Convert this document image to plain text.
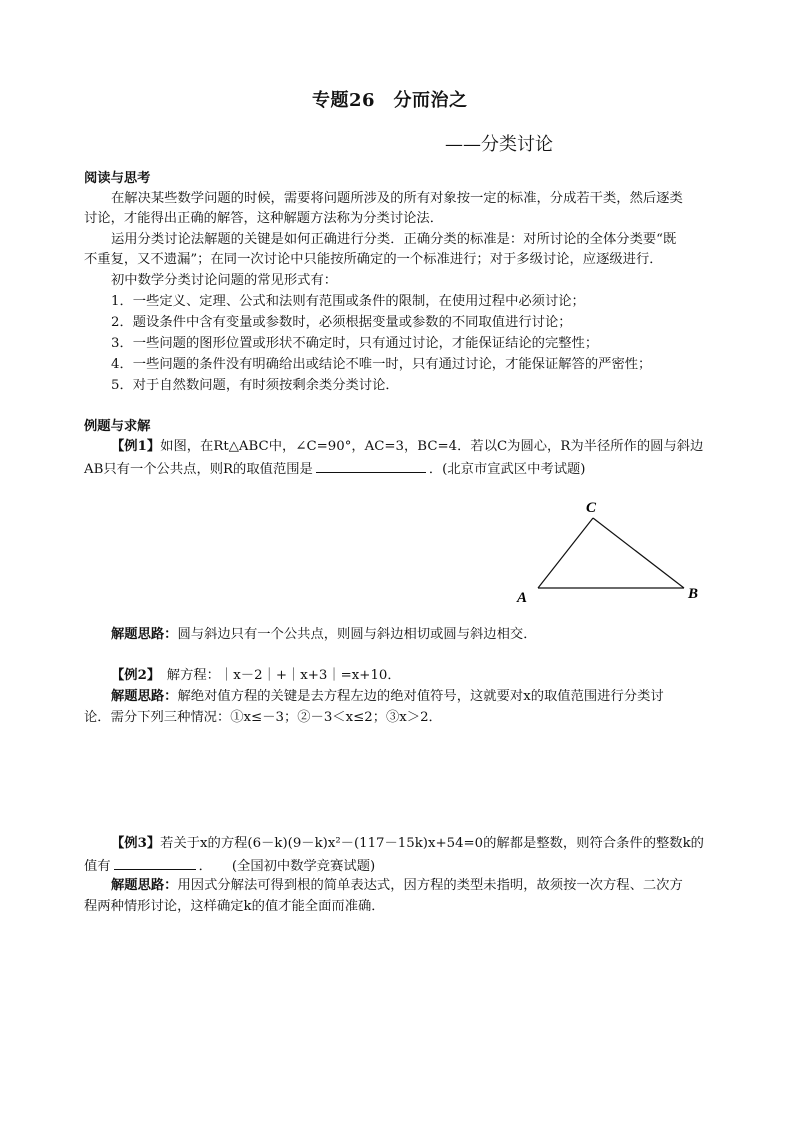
专题26　分而治之
——分类讨论
阅读与思考
在解决某些数学问题的时候，需要将问题所涉及的所有对象按一定的标准，分成若干类，然后逐类
讨论，才能得出正确的解答，这种解题方法称为分类讨论法．
运用分类讨论法解题的关键是如何正确进行分类．正确分类的标准是：对所讨论的全体分类要“既
不重复，又不遗漏”；在同一次讨论中只能按所确定的一个标准进行；对于多级讨论，应逐级进行．
初中数学分类讨论问题的常见形式有：
1．一些定义、定理、公式和法则有范围或条件的限制，在使用过程中必须讨论；
2．题设条件中含有变量或参数时，必须根据变量或参数的不同取值进行讨论；
3．一些问题的图形位置或形状不确定时，只有通过讨论，才能保证结论的完整性；
4．一些问题的条件没有明确给出或结论不唯一时，只有通过讨论，才能保证解答的严密性；
5．对于自然数问题，有时须按剩余类分类讨论．
例题与求解
【例1】如图，在Rt△ABC中，∠C=90°，AC=3，BC=4．若以C为圆心，R为半径所作的圆与斜边
AB只有一个公共点，则R的取值范围是	．(北京市宣武区中考试题)
C
A	B
解题思路：圆与斜边只有一个公共点，则圆与斜边相切或圆与斜边相交．
【例2】　解方程：｜x－2｜+｜x+3｜=x+10．
解题思路：解绝对值方程的关键是去方程左边的绝对值符号，这就要对x的取值范围进行分类讨
论．需分下列三种情况：①x≤－3；②－3＜x≤2；③x＞2．
【例3】若关于x的方程(6－k)(9－k)x²－(117－15k)x+54=0的解都是整数，则符合条件的整数k的
值有	．　　(全国初中数学竞赛试题)
解题思路：用因式分解法可得到根的简单表达式，因方程的类型未指明，故须按一次方程、二次方
程两种情形讨论，这样确定k的值才能全面而准确．
